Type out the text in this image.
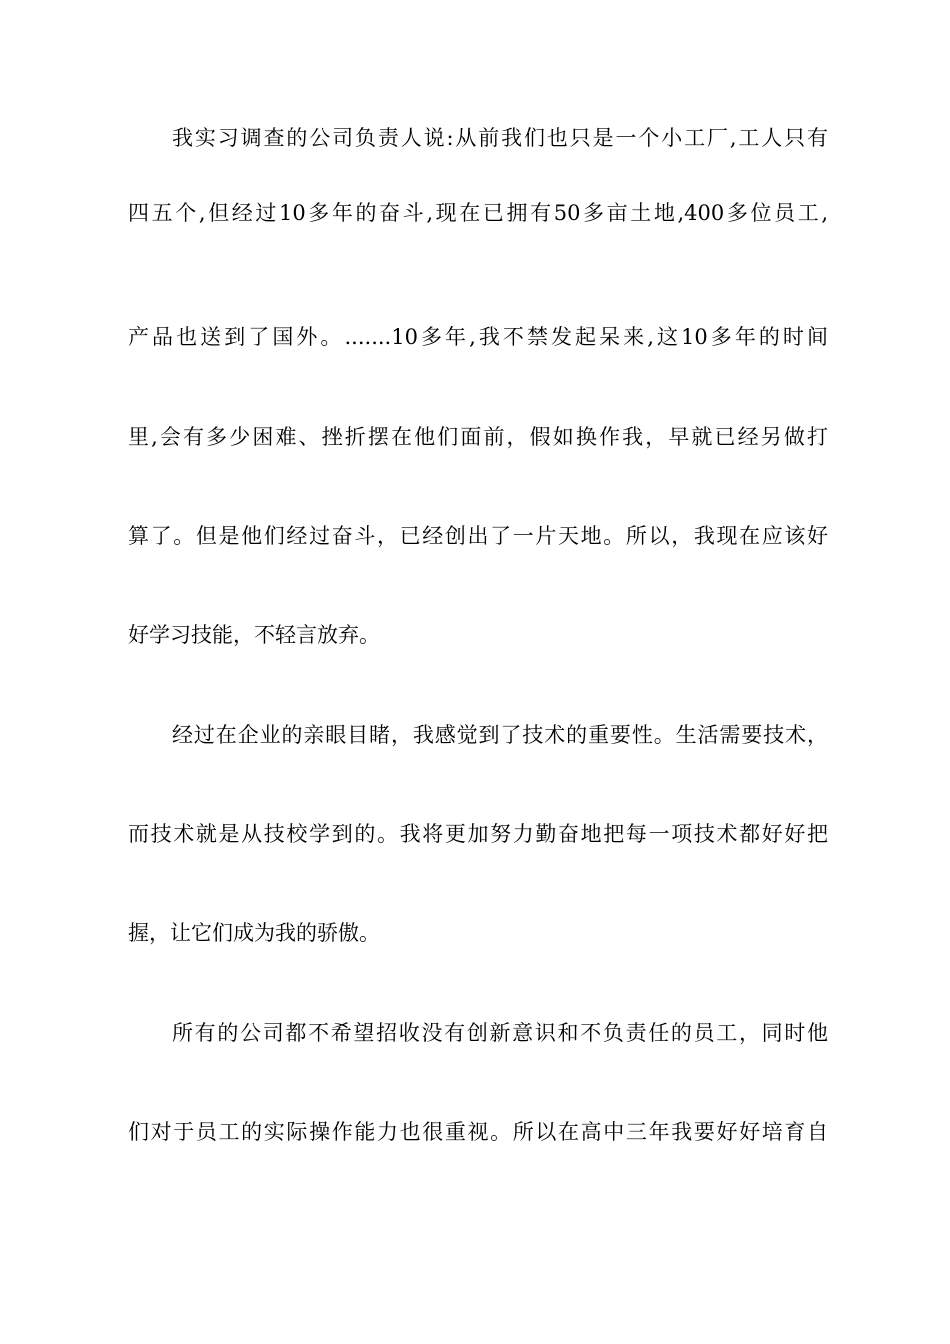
我实习调查的公司负责人说:从前我们也只是一个小工厂,工人只有
四五个,但经过10多年的奋斗,现在已拥有50多亩土地,400多位员工,
产品也送到了国外。.......10多年,我不禁发起呆来,这10多年的时间
里,会有多少困难、挫折摆在他们面前，假如换作我，早就已经另做打
算了。但是他们经过奋斗，已经创出了一片天地。所以，我现在应该好
好学习技能，不轻言放弃。
经过在企业的亲眼目睹，我感觉到了技术的重要性。生活需要技术，
而技术就是从技校学到的。我将更加努力勤奋地把每一项技术都好好把
握，让它们成为我的骄傲。
所有的公司都不希望招收没有创新意识和不负责任的员工，同时他
们对于员工的实际操作能力也很重视。所以在高中三年我要好好培育自
